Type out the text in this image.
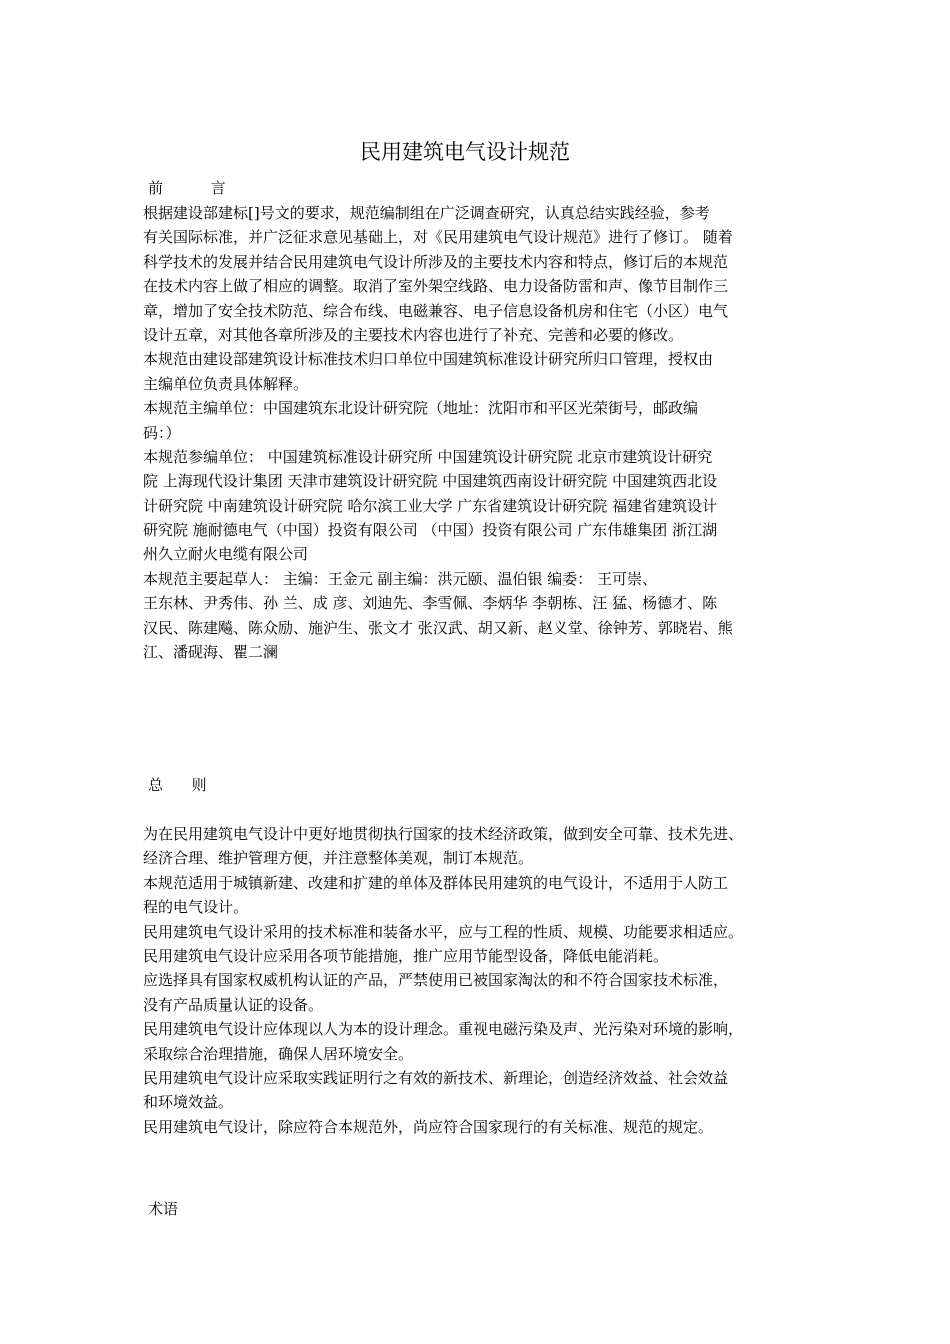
民用建筑电气设计规范
前          言
根据建设部建标[]号文的要求，规范编制组在广泛调查研究，认真总结实践经验，参考
有关国际标准，并广泛征求意见基础上，对《民用建筑电气设计规范》进行了修订。 随着
科学技术的发展并结合民用建筑电气设计所涉及的主要技术内容和特点，修订后的本规范
在技术内容上做了相应的调整。取消了室外架空线路、电力设备防雷和声、像节目制作三
章，增加了安全技术防范、综合布线、电磁兼容、电子信息设备机房和住宅（小区）电气
设计五章，对其他各章所涉及的主要技术内容也进行了补充、完善和必要的修改。
本规范由建设部建筑设计标准技术归口单位中国建筑标准设计研究所归口管理，授权由
主编单位负责具体解释。
本规范主编单位：中国建筑东北设计研究院（地址：沈阳市和平区光荣街号，邮政编
码：）
本规范参编单位： 中国建筑标准设计研究所 中国建筑设计研究院 北京市建筑设计研究
院 上海现代设计集团 天津市建筑设计研究院 中国建筑西南设计研究院 中国建筑西北设
计研究院 中南建筑设计研究院 哈尔滨工业大学 广东省建筑设计研究院 福建省建筑设计
研究院 施耐德电气（中国）投资有限公司 （中国）投资有限公司 广东伟雄集团 浙江湖
州久立耐火电缆有限公司
本规范主要起草人： 主编：王金元 副主编：洪元颐、温伯银 编委： 王可崇、
王东林、尹秀伟、孙 兰、成 彦、刘迪先、李雪佩、李炳华 李朝栋、汪 猛、杨德才、陈
汉民、陈建飚、陈众励、施沪生、张文才 张汉武、胡又新、赵义堂、徐钟芳、郭晓岩、熊
江、潘砚海、瞿二澜
总      则
为在民用建筑电气设计中更好地贯彻执行国家的技术经济政策，做到安全可靠、技术先进、
经济合理、维护管理方便，并注意整体美观，制订本规范。
本规范适用于城镇新建、改建和扩建的单体及群体民用建筑的电气设计，不适用于人防工
程的电气设计。
民用建筑电气设计采用的技术标准和装备水平，应与工程的性质、规模、功能要求相适应。
民用建筑电气设计应采用各项节能措施，推广应用节能型设备，降低电能消耗。
应选择具有国家权威机构认证的产品，严禁使用已被国家淘汰的和不符合国家技术标准，
没有产品质量认证的设备。
民用建筑电气设计应体现以人为本的设计理念。重视电磁污染及声、光污染对环境的影响，
采取综合治理措施，确保人居环境安全。
民用建筑电气设计应采取实践证明行之有效的新技术、新理论，创造经济效益、社会效益
和环境效益。
民用建筑电气设计，除应符合本规范外，尚应符合国家现行的有关标准、规范的规定。
术语
